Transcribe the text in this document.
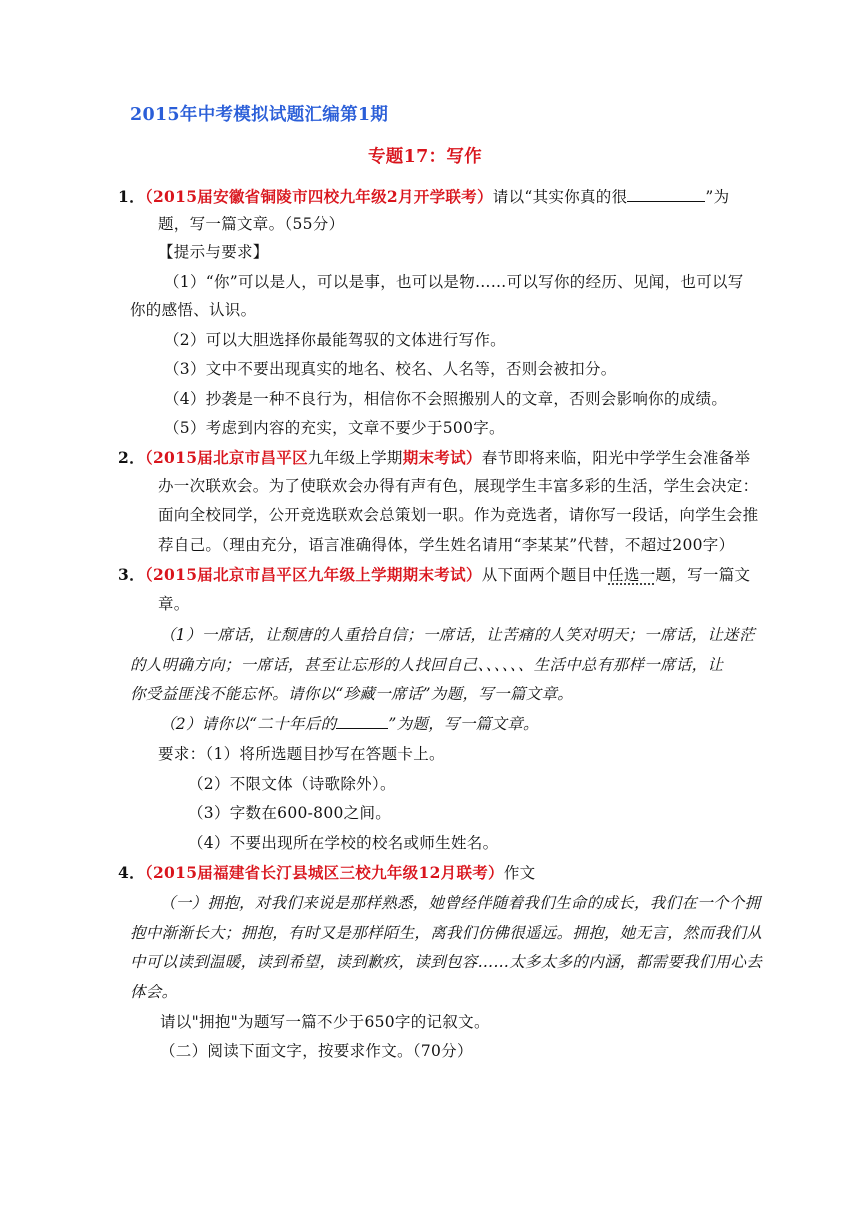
2015年中考模拟试题汇编第1期
专题17：写作
1．（2015届安徽省铜陵市四校九年级2月开学联考）请以“其实你真的很	”为
题，写一篇文章。（55分）
【提示与要求】
（1）“你”可以是人，可以是事，也可以是物……可以写你的经历、见闻，也可以写
你的感悟、认识。
（2）可以大胆选择你最能驾驭的文体进行写作。
（3）文中不要出现真实的地名、校名、人名等，否则会被扣分。
（4）抄袭是一种不良行为，相信你不会照搬别人的文章，否则会影响你的成绩。
（5）考虑到内容的充实，文章不要少于500字。
2．（2015届北京市昌平区九年级上学期期末考试）春节即将来临，阳光中学学生会准备举
办一次联欢会。为了使联欢会办得有声有色，展现学生丰富多彩的生活，学生会决定：
面向全校同学，公开竞选联欢会总策划一职。作为竞选者，请你写一段话，向学生会推
荐自己。（理由充分，语言准确得体，学生姓名请用“李某某”代替，不超过200字）
3．（2015届北京市昌平区九年级上学期期末考试）从下面两个题目中任选一题，写一篇文
章。
（1）一席话，让颓唐的人重拾自信；一席话，让苦痛的人笑对明天；一席话，让迷茫
的人明确方向；一席话，甚至让忘形的人找回自己、、、、、、生活中总有那样一席话，让
你受益匪浅不能忘怀。请你以“珍藏一席话”为题，写一篇文章。
（2）请你以“二十年后的	”为题，写一篇文章。
要求：（1）将所选题目抄写在答题卡上。
（2）不限文体（诗歌除外）。
（3）字数在600-800之间。
（4）不要出现所在学校的校名或师生姓名。
4．（2015届福建省长汀县城区三校九年级12月联考）作文
（一）拥抱，对我们来说是那样熟悉，她曾经伴随着我们生命的成长，我们在一个个拥
抱中渐渐长大；拥抱，有时又是那样陌生，离我们仿佛很遥远。拥抱，她无言，然而我们从
中可以读到温暖，读到希望，读到歉疚，读到包容……太多太多的内涵，都需要我们用心去
体会。
请以"拥抱"为题写一篇不少于650字的记叙文。
（二）阅读下面文字，按要求作文。（70分）
